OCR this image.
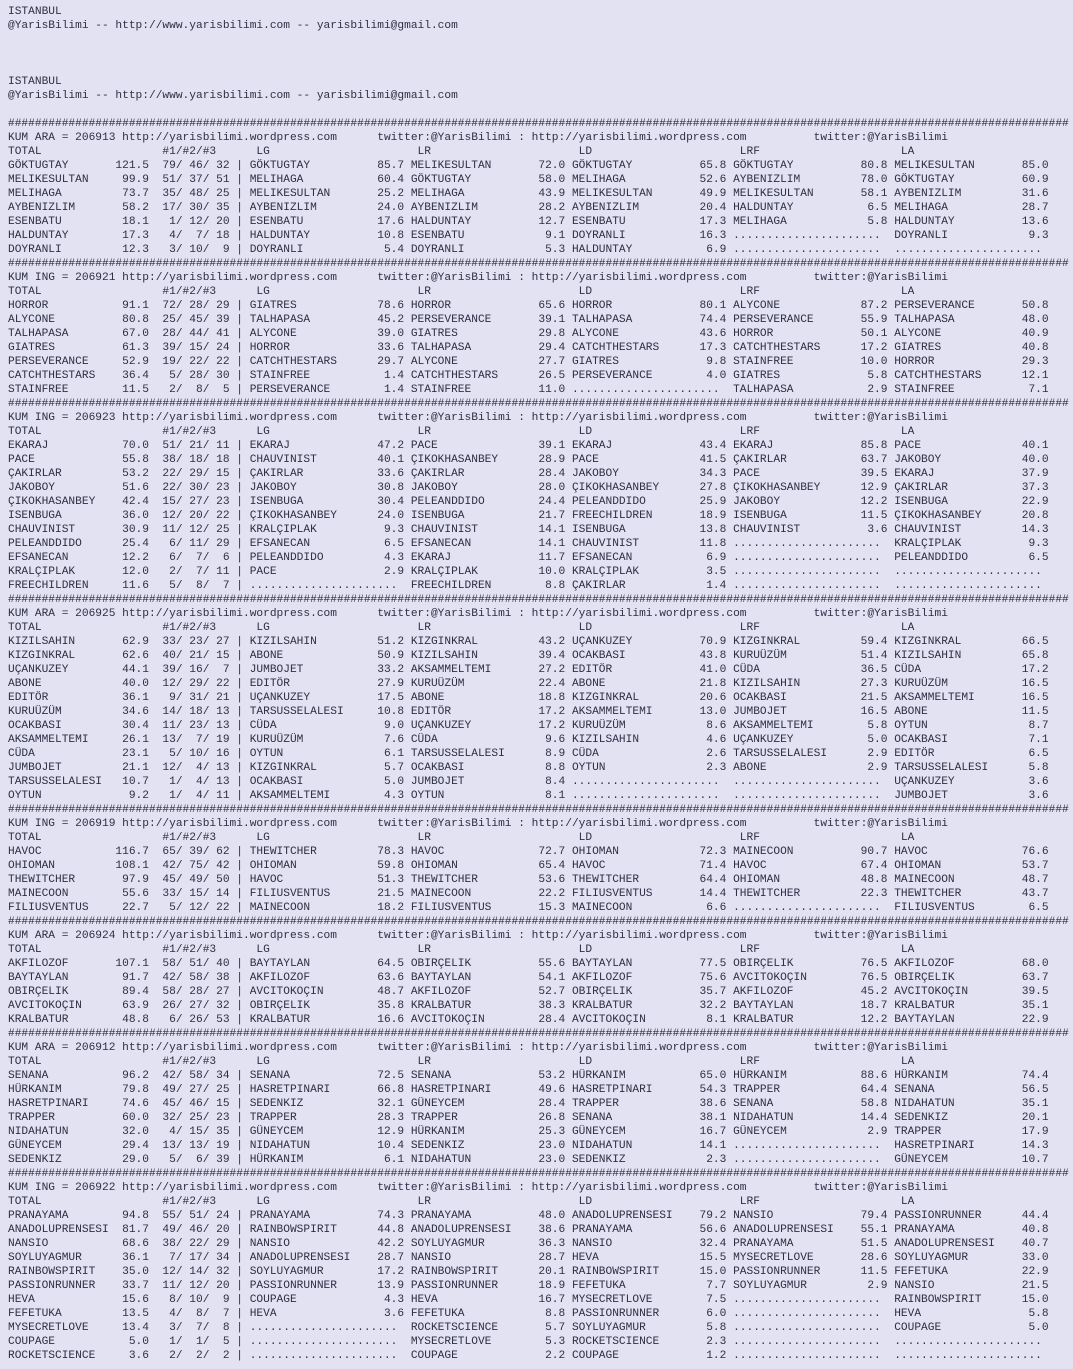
ISTANBUL
@YarisBilimi -- http://www.yarisbilimi.com -- yarisbilimi@gmail.com
ISTANBUL
@YarisBilimi -- http://www.yarisbilimi.com -- yarisbilimi@gmail.com
##############################################################################################################################################################
KUM ARA = 206913 http://yarisbilimi.wordpress.com      twitter:@YarisBilimi : http://yarisbilimi.wordpress.com          twitter:@YarisBilimi
TOTAL                  #1/#2/#3      LG                      LR                      LD                      LRF                     LA
GÖKTUGTAY       121.5  79/ 46/ 32 | GÖKTUGTAY          85.7 MELIKESULTAN       72.0 GÖKTUGTAY          65.8 GÖKTUGTAY          80.8 MELIKESULTAN       85.0
MELIKESULTAN     99.9  51/ 37/ 51 | MELIHAGA           60.4 GÖKTUGTAY          58.0 MELIHAGA           52.6 AYBENIZLIM         78.0 GÖKTUGTAY          60.9
MELIHAGA         73.7  35/ 48/ 25 | MELIKESULTAN       25.2 MELIHAGA           43.9 MELIKESULTAN       49.9 MELIKESULTAN       58.1 AYBENIZLIM         31.6
AYBENIZLIM       58.2  17/ 30/ 35 | AYBENIZLIM         24.0 AYBENIZLIM         28.2 AYBENIZLIM         20.4 HALDUNTAY           6.5 MELIHAGA           28.7
ESENBATU         18.1   1/ 12/ 20 | ESENBATU           17.6 HALDUNTAY          12.7 ESENBATU           17.3 MELIHAGA            5.8 HALDUNTAY          13.6
HALDUNTAY        17.3   4/  7/ 18 | HALDUNTAY          10.8 ESENBATU            9.1 DOYRANLI           16.3 ......................  DOYRANLI            9.3
DOYRANLI         12.3   3/ 10/  9 | DOYRANLI            5.4 DOYRANLI            5.3 HALDUNTAY           6.9 ......................  ......................
##############################################################################################################################################################
KUM ING = 206921 http://yarisbilimi.wordpress.com      twitter:@YarisBilimi : http://yarisbilimi.wordpress.com          twitter:@YarisBilimi
TOTAL                  #1/#2/#3      LG                      LR                      LD                      LRF                     LA
HORROR           91.1  72/ 28/ 29 | GIATRES            78.6 HORROR             65.6 HORROR             80.1 ALYCONE            87.2 PERSEVERANCE       50.8
ALYCONE          80.8  25/ 45/ 39 | TALHAPASA          45.2 PERSEVERANCE       39.1 TALHAPASA          74.4 PERSEVERANCE       55.9 TALHAPASA          48.0
TALHAPASA        67.0  28/ 44/ 41 | ALYCONE            39.0 GIATRES            29.8 ALYCONE            43.6 HORROR             50.1 ALYCONE            40.9
GIATRES          61.3  39/ 15/ 24 | HORROR             33.6 TALHAPASA          29.4 CATCHTHESTARS      17.3 CATCHTHESTARS      17.2 GIATRES            40.8
PERSEVERANCE     52.9  19/ 22/ 22 | CATCHTHESTARS      29.7 ALYCONE            27.7 GIATRES             9.8 STAINFREE          10.0 HORROR             29.3
CATCHTHESTARS    36.4   5/ 28/ 30 | STAINFREE           1.4 CATCHTHESTARS      26.5 PERSEVERANCE        4.0 GIATRES             5.8 CATCHTHESTARS      12.1
STAINFREE        11.5   2/  8/  5 | PERSEVERANCE        1.4 STAINFREE          11.0 ......................  TALHAPASA           2.9 STAINFREE           7.1
##############################################################################################################################################################
KUM ING = 206923 http://yarisbilimi.wordpress.com      twitter:@YarisBilimi : http://yarisbilimi.wordpress.com          twitter:@YarisBilimi
TOTAL                  #1/#2/#3      LG                      LR                      LD                      LRF                     LA
EKARAJ           70.0  51/ 21/ 11 | EKARAJ             47.2 PACE               39.1 EKARAJ             43.4 EKARAJ             85.8 PACE               40.1
PACE             55.8  38/ 18/ 18 | CHAUVINIST         40.1 ÇIKOKHASANBEY      28.9 PACE               41.5 ÇAKIRLAR           63.7 JAKOBOY            40.0
ÇAKIRLAR         53.2  22/ 29/ 15 | ÇAKIRLAR           33.6 ÇAKIRLAR           28.4 JAKOBOY            34.3 PACE               39.5 EKARAJ             37.9
JAKOBOY          51.6  22/ 30/ 23 | JAKOBOY            30.8 JAKOBOY            28.0 ÇIKOKHASANBEY      27.8 ÇIKOKHASANBEY      12.9 ÇAKIRLAR           37.3
ÇIKOKHASANBEY    42.4  15/ 27/ 23 | ISENBUGA           30.4 PELEANDDIDO        24.4 PELEANDDIDO        25.9 JAKOBOY            12.2 ISENBUGA           22.9
ISENBUGA         36.0  12/ 20/ 22 | ÇIKOKHASANBEY      24.0 ISENBUGA           21.7 FREECHILDREN       18.9 ISENBUGA           11.5 ÇIKOKHASANBEY      20.8
CHAUVINIST       30.9  11/ 12/ 25 | KRALÇIPLAK          9.3 CHAUVINIST         14.1 ISENBUGA           13.8 CHAUVINIST          3.6 CHAUVINIST         14.3
PELEANDDIDO      25.4   6/ 11/ 29 | EFSANECAN           6.5 EFSANECAN          14.1 CHAUVINIST         11.8 ......................  KRALÇIPLAK          9.3
EFSANECAN        12.2   6/  7/  6 | PELEANDDIDO         4.3 EKARAJ             11.7 EFSANECAN           6.9 ......................  PELEANDDIDO         6.5
KRALÇIPLAK       12.0   2/  7/ 11 | PACE                2.9 KRALÇIPLAK         10.0 KRALÇIPLAK          3.5 ......................  ......................
FREECHILDREN     11.6   5/  8/  7 | ......................  FREECHILDREN        8.8 ÇAKIRLAR            1.4 ......................  ......................
##############################################################################################################################################################
KUM ARA = 206925 http://yarisbilimi.wordpress.com      twitter:@YarisBilimi : http://yarisbilimi.wordpress.com          twitter:@YarisBilimi
TOTAL                  #1/#2/#3      LG                      LR                      LD                      LRF                     LA
KIZILSAHIN       62.9  33/ 23/ 27 | KIZILSAHIN         51.2 KIZGINKRAL         43.2 UÇANKUZEY          70.9 KIZGINKRAL         59.4 KIZGINKRAL         66.5
KIZGINKRAL       62.6  40/ 21/ 15 | ABONE              50.9 KIZILSAHIN         39.4 OCAKBASI           43.8 KURUÜZÜM           51.4 KIZILSAHIN         65.8
UÇANKUZEY        44.1  39/ 16/  7 | JUMBOJET           33.2 AKSAMMELTEMI       27.2 EDITÖR             41.0 CÜDA               36.5 CÜDA               17.2
ABONE            40.0  12/ 29/ 22 | EDITÖR             27.9 KURUÜZÜM           22.4 ABONE              21.8 KIZILSAHIN         27.3 KURUÜZÜM           16.5
EDITÖR           36.1   9/ 31/ 21 | UÇANKUZEY          17.5 ABONE              18.8 KIZGINKRAL         20.6 OCAKBASI           21.5 AKSAMMELTEMI       16.5
KURUÜZÜM         34.6  14/ 18/ 13 | TARSUSSELALESI     10.8 EDITÖR             17.2 AKSAMMELTEMI       13.0 JUMBOJET           16.5 ABONE              11.5
OCAKBASI         30.4  11/ 23/ 13 | CÜDA                9.0 UÇANKUZEY          17.2 KURUÜZÜM            8.6 AKSAMMELTEMI        5.8 OYTUN               8.7
AKSAMMELTEMI     26.1  13/  7/ 19 | KURUÜZÜM            7.6 CÜDA                9.6 KIZILSAHIN          4.6 UÇANKUZEY           5.0 OCAKBASI            7.1
CÜDA             23.1   5/ 10/ 16 | OYTUN               6.1 TARSUSSELALESI      8.9 CÜDA                2.6 TARSUSSELALESI      2.9 EDITÖR              6.5
JUMBOJET         21.1  12/  4/ 13 | KIZGINKRAL          5.7 OCAKBASI            8.8 OYTUN               2.3 ABONE               2.9 TARSUSSELALESI      5.8
TARSUSSELALESI   10.7   1/  4/ 13 | OCAKBASI            5.0 JUMBOJET            8.4 ......................  ......................  UÇANKUZEY           3.6
OYTUN             9.2   1/  4/ 11 | AKSAMMELTEMI        4.3 OYTUN               8.1 ......................  ......................  JUMBOJET            3.6
##############################################################################################################################################################
KUM ING = 206919 http://yarisbilimi.wordpress.com      twitter:@YarisBilimi : http://yarisbilimi.wordpress.com          twitter:@YarisBilimi
TOTAL                  #1/#2/#3      LG                      LR                      LD                      LRF                     LA
HAVOC           116.7  65/ 39/ 62 | THEWITCHER         78.3 HAVOC              72.7 OHIOMAN            72.3 MAINECOON          90.7 HAVOC              76.6
OHIOMAN         108.1  42/ 75/ 42 | OHIOMAN            59.8 OHIOMAN            65.4 HAVOC              71.4 HAVOC              67.4 OHIOMAN            53.7
THEWITCHER       97.9  45/ 49/ 50 | HAVOC              51.3 THEWITCHER         53.6 THEWITCHER         64.4 OHIOMAN            48.8 MAINECOON          48.7
MAINECOON        55.6  33/ 15/ 14 | FILIUSVENTUS       21.5 MAINECOON          22.2 FILIUSVENTUS       14.4 THEWITCHER         22.3 THEWITCHER         43.7
FILIUSVENTUS     22.7   5/ 12/ 22 | MAINECOON          18.2 FILIUSVENTUS       15.3 MAINECOON           6.6 ......................  FILIUSVENTUS        6.5
##############################################################################################################################################################
KUM ARA = 206924 http://yarisbilimi.wordpress.com      twitter:@YarisBilimi : http://yarisbilimi.wordpress.com          twitter:@YarisBilimi
TOTAL                  #1/#2/#3      LG                      LR                      LD                      LRF                     LA
AKFILOZOF       107.1  58/ 51/ 40 | BAYTAYLAN          64.5 OBIRÇELIK          55.6 BAYTAYLAN          77.5 OBIRÇELIK          76.5 AKFILOZOF          68.0
BAYTAYLAN        91.7  42/ 58/ 38 | AKFILOZOF          63.6 BAYTAYLAN          54.1 AKFILOZOF          75.6 AVCITOKOÇIN        76.5 OBIRÇELIK          63.7
OBIRÇELIK        89.4  58/ 28/ 27 | AVCITOKOÇIN        48.7 AKFILOZOF          52.7 OBIRÇELIK          35.7 AKFILOZOF          45.2 AVCITOKOÇIN        39.5
AVCITOKOÇIN      63.9  26/ 27/ 32 | OBIRÇELIK          35.8 KRALBATUR          38.3 KRALBATUR          32.2 BAYTAYLAN          18.7 KRALBATUR          35.1
KRALBATUR        48.8   6/ 26/ 53 | KRALBATUR          16.6 AVCITOKOÇIN        28.4 AVCITOKOÇIN         8.1 KRALBATUR          12.2 BAYTAYLAN          22.9
##############################################################################################################################################################
KUM ARA = 206912 http://yarisbilimi.wordpress.com      twitter:@YarisBilimi : http://yarisbilimi.wordpress.com          twitter:@YarisBilimi
TOTAL                  #1/#2/#3      LG                      LR                      LD                      LRF                     LA
SENANA           96.2  42/ 58/ 34 | SENANA             72.5 SENANA             53.2 HÜRKANIM           65.0 HÜRKANIM           88.6 HÜRKANIM           74.4
HÜRKANIM         79.8  49/ 27/ 25 | HASRETPINARI       66.8 HASRETPINARI       49.6 HASRETPINARI       54.3 TRAPPER            64.4 SENANA             56.5
HASRETPINARI     74.6  45/ 46/ 15 | SEDENKIZ           32.1 GÜNEYCEM           28.4 TRAPPER            38.6 SENANA             58.8 NIDAHATUN          35.1
TRAPPER          60.0  32/ 25/ 23 | TRAPPER            28.3 TRAPPER            26.8 SENANA             38.1 NIDAHATUN          14.4 SEDENKIZ           20.1
NIDAHATUN        32.0   4/ 15/ 35 | GÜNEYCEM           12.9 HÜRKANIM           25.3 GÜNEYCEM           16.7 GÜNEYCEM            2.9 TRAPPER            17.9
GÜNEYCEM         29.4  13/ 13/ 19 | NIDAHATUN          10.4 SEDENKIZ           23.0 NIDAHATUN          14.1 ......................  HASRETPINARI       14.3
SEDENKIZ         29.0   5/  6/ 39 | HÜRKANIM            6.1 NIDAHATUN          23.0 SEDENKIZ            2.3 ......................  GÜNEYCEM           10.7
##############################################################################################################################################################
KUM ING = 206922 http://yarisbilimi.wordpress.com      twitter:@YarisBilimi : http://yarisbilimi.wordpress.com          twitter:@YarisBilimi
TOTAL                  #1/#2/#3      LG                      LR                      LD                      LRF                     LA
PRANAYAMA        94.8  55/ 51/ 24 | PRANAYAMA          74.3 PRANAYAMA          48.0 ANADOLUPRENSESI    79.2 NANSIO             79.4 PASSIONRUNNER      44.4
ANADOLUPRENSESI  81.7  49/ 46/ 20 | RAINBOWSPIRIT      44.8 ANADOLUPRENSESI    38.6 PRANAYAMA          56.6 ANADOLUPRENSESI    55.1 PRANAYAMA          40.8
NANSIO           68.6  38/ 22/ 29 | NANSIO             42.2 SOYLUYAGMUR        36.3 NANSIO             32.4 PRANAYAMA          51.5 ANADOLUPRENSESI    40.7
SOYLUYAGMUR      36.1   7/ 17/ 34 | ANADOLUPRENSESI    28.7 NANSIO             28.7 HEVA               15.5 MYSECRETLOVE       28.6 SOYLUYAGMUR        33.0
RAINBOWSPIRIT    35.0  12/ 14/ 32 | SOYLUYAGMUR        17.2 RAINBOWSPIRIT      20.1 RAINBOWSPIRIT      15.0 PASSIONRUNNER      11.5 FEFETUKA           22.9
PASSIONRUNNER    33.7  11/ 12/ 20 | PASSIONRUNNER      13.9 PASSIONRUNNER      18.9 FEFETUKA            7.7 SOYLUYAGMUR         2.9 NANSIO             21.5
HEVA             15.6   8/ 10/  9 | COUPAGE             4.3 HEVA               16.7 MYSECRETLOVE        7.5 ......................  RAINBOWSPIRIT      15.0
FEFETUKA         13.5   4/  8/  7 | HEVA                3.6 FEFETUKA            8.8 PASSIONRUNNER       6.0 ......................  HEVA                5.8
MYSECRETLOVE     13.4   3/  7/  8 | ......................  ROCKETSCIENCE       5.7 SOYLUYAGMUR         5.8 ......................  COUPAGE             5.0
COUPAGE           5.0   1/  1/  5 | ......................  MYSECRETLOVE        5.3 ROCKETSCIENCE       2.3 ......................  ......................
ROCKETSCIENCE     3.6   2/  2/  2 | ......................  COUPAGE             2.2 COUPAGE             1.2 ......................  ......................
